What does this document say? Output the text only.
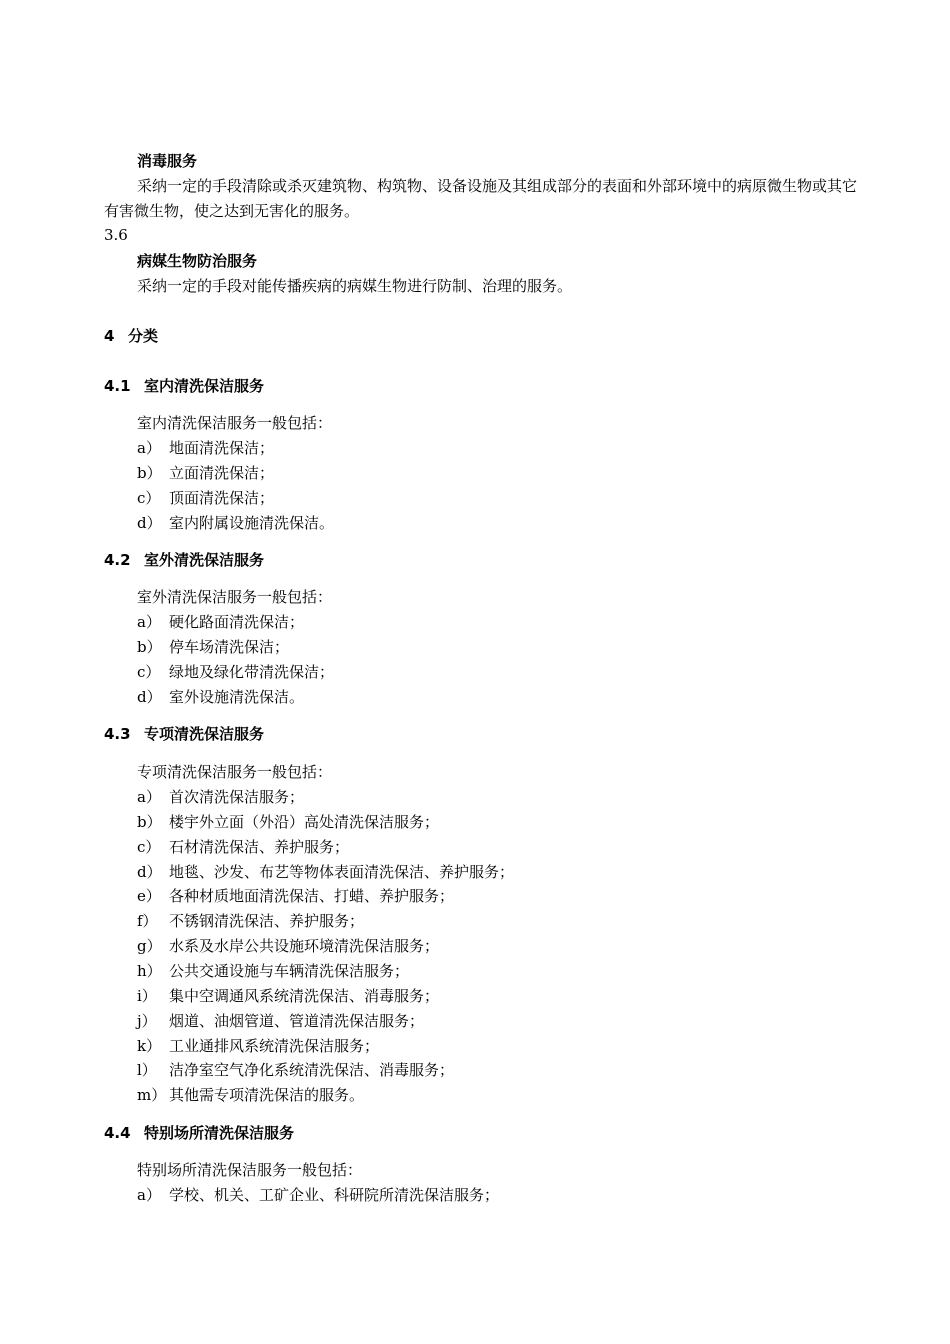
消毒服务
采纳一定的手段清除或杀灭建筑物、构筑物、设备设施及其组成部分的表面和外部环境中的病原微生物或其它有害微生物，使之达到无害化的服务。
3.6
病媒生物防治服务
采纳一定的手段对能传播疾病的病媒生物进行防制、治理的服务。
4 分类
4.1 室内清洗保洁服务
室内清洗保洁服务一般包括：
a） 地面清洗保洁；
b） 立面清洗保洁；
c） 顶面清洗保洁；
d） 室内附属设施清洗保洁。
4.2 室外清洗保洁服务
室外清洗保洁服务一般包括：
a） 硬化路面清洗保洁；
b） 停车场清洗保洁；
c） 绿地及绿化带清洗保洁；
d） 室外设施清洗保洁。
4.3 专项清洗保洁服务
专项清洗保洁服务一般包括：
a） 首次清洗保洁服务；
b） 楼宇外立面（外沿）高处清洗保洁服务；
c） 石材清洗保洁、养护服务；
d） 地毯、沙发、布艺等物体表面清洗保洁、养护服务；
e） 各种材质地面清洗保洁、打蜡、养护服务；
f） 不锈钢清洗保洁、养护服务；
g） 水系及水岸公共设施环境清洗保洁服务；
h） 公共交通设施与车辆清洗保洁服务；
i） 集中空调通风系统清洗保洁、消毒服务；
j） 烟道、油烟管道、管道清洗保洁服务；
k） 工业通排风系统清洗保洁服务；
l） 洁净室空气净化系统清洗保洁、消毒服务；
m） 其他需专项清洗保洁的服务。
4.4 特别场所清洗保洁服务
特别场所清洗保洁服务一般包括：
a） 学校、机关、工矿企业、科研院所清洗保洁服务；
